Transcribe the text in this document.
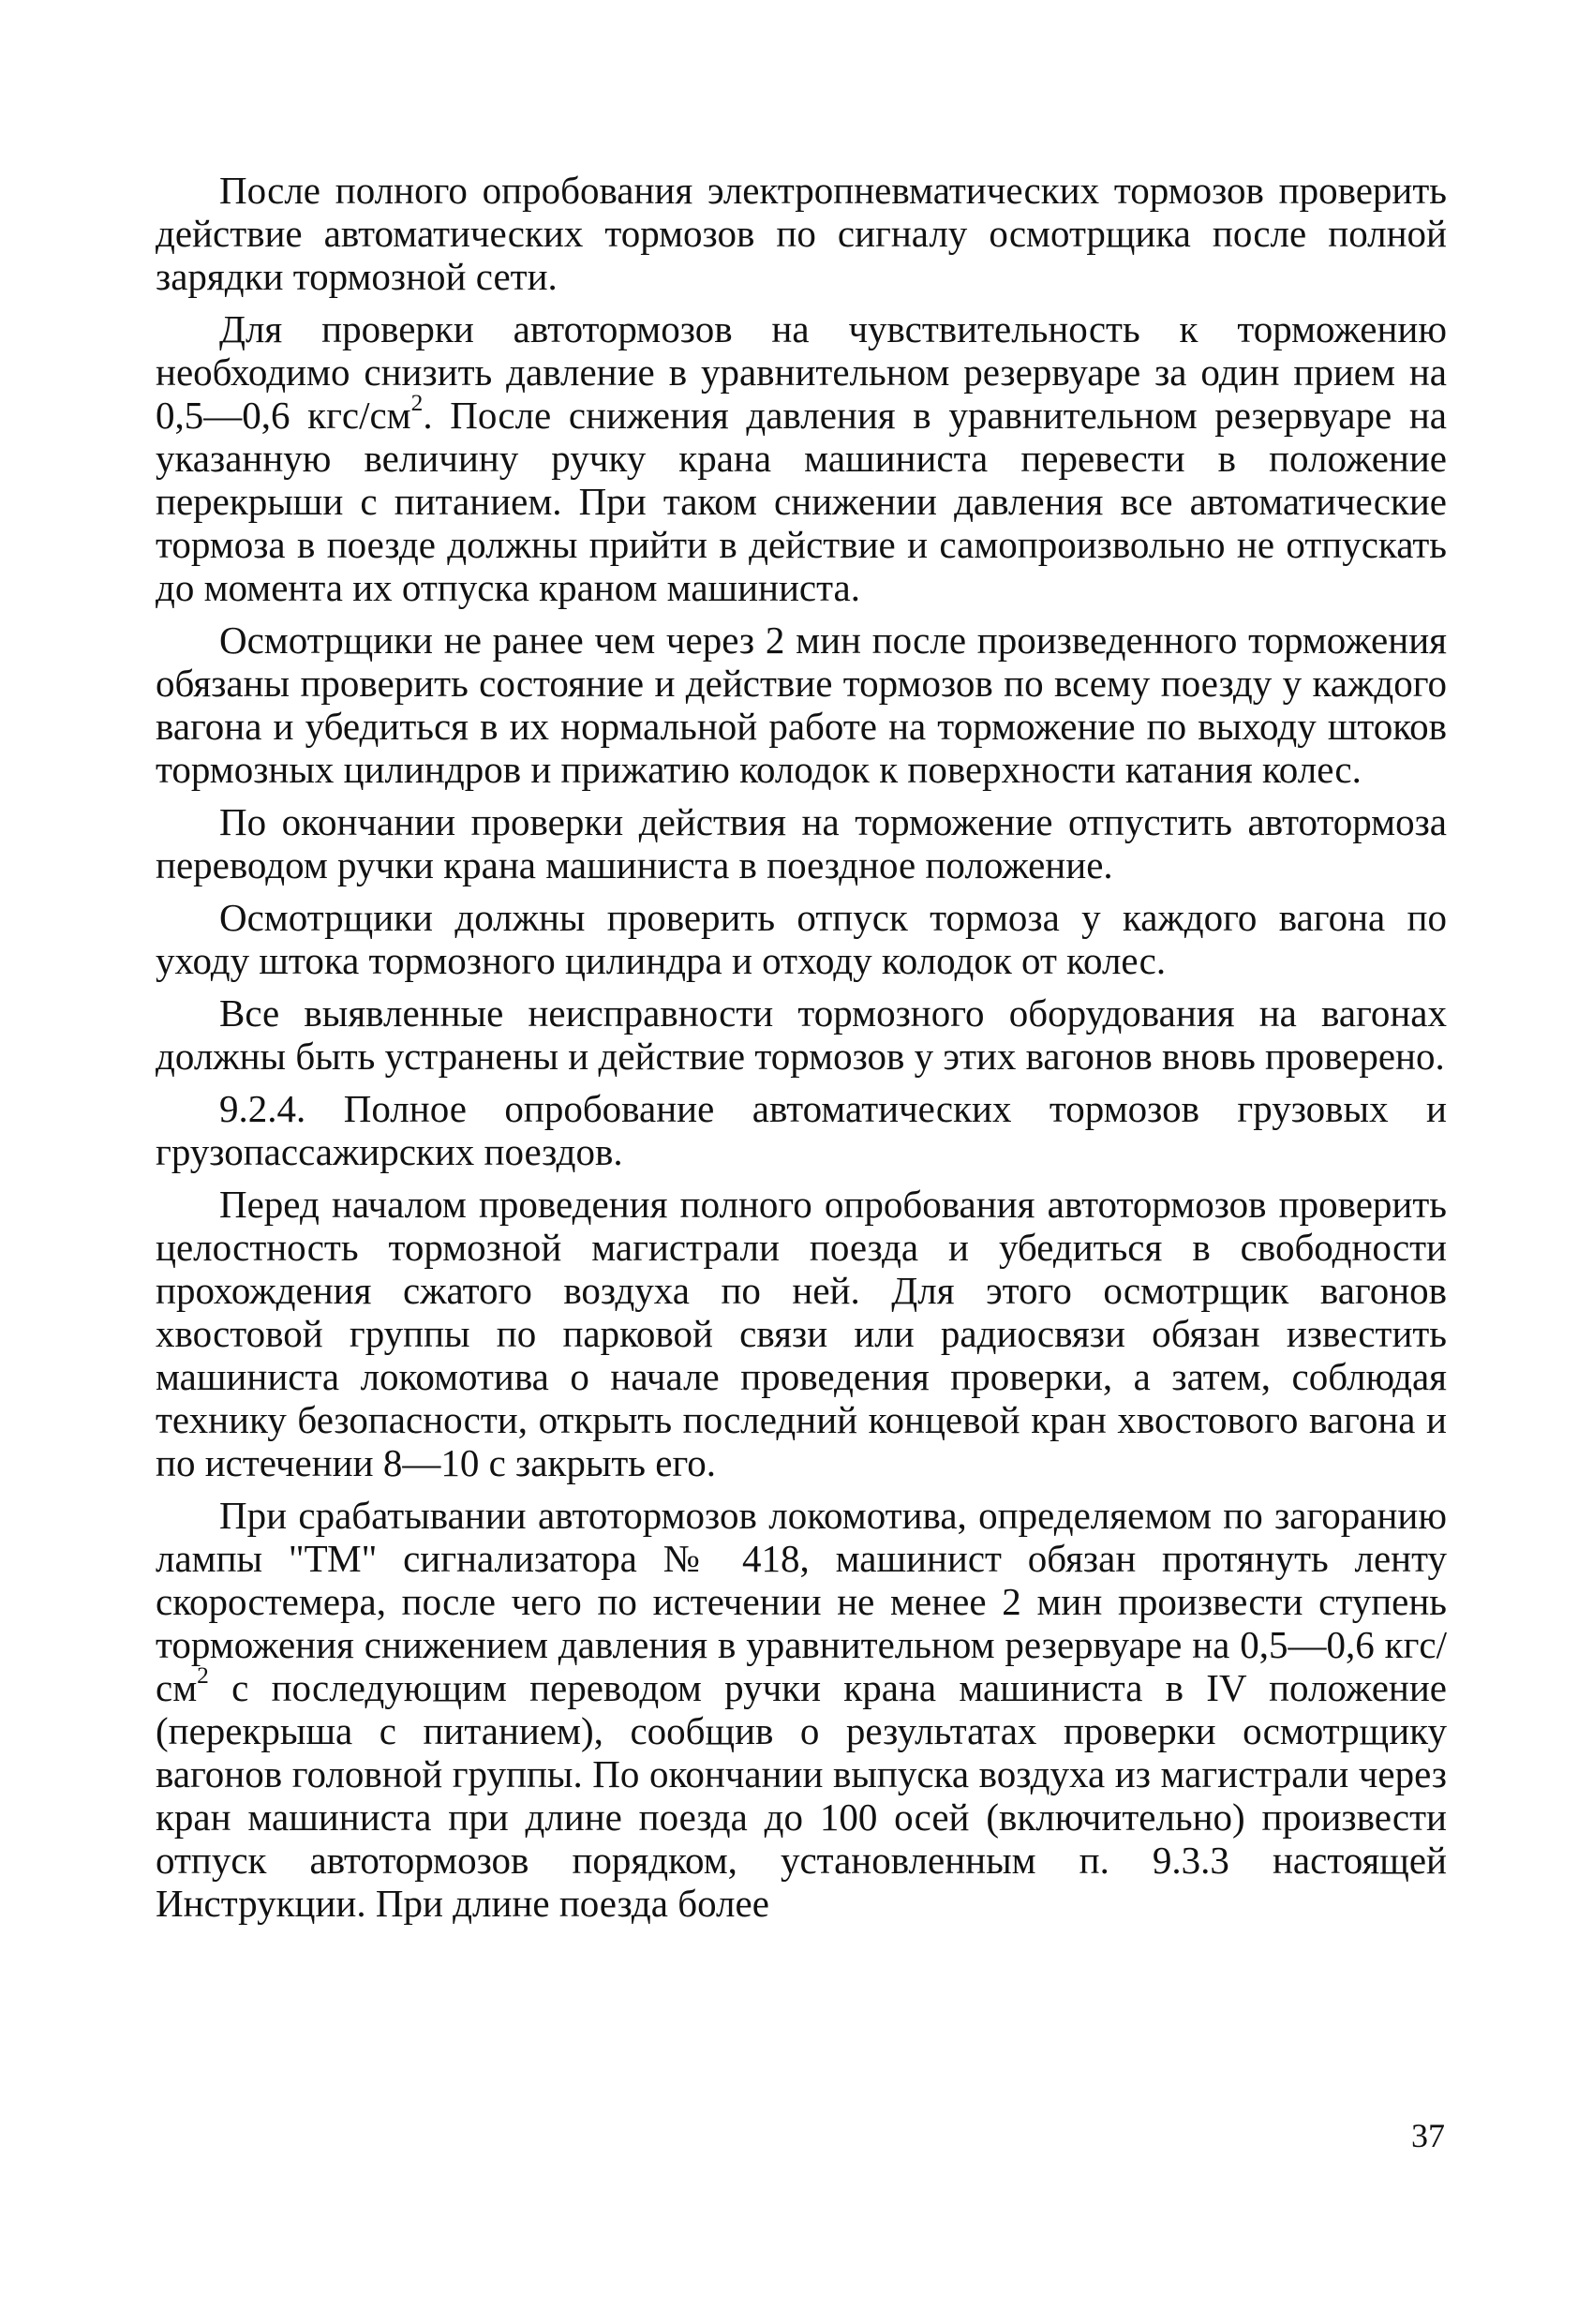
После полного опробования электропневматических тормозов проверить действие автоматических тормозов по сигналу осмотрщика после полной зарядки тормозной сети.

Для проверки автотормозов на чувствительность к торможению необходимо снизить давление в уравнительном резервуаре за один прием на 0,5—0,6 кгс/$см^2$. После снижения давления в уравнительном резервуаре на указанную величину ручку крана машиниста перевести в положение перекрыши с питанием. При таком снижении давления все автоматические тормоза в поезде должны прийти в действие и самопроизвольно не отпускать до момента их отпуска краном машиниста.

Осмотрщики не ранее чем через 2 мин после произведенного торможения обязаны проверить состояние и действие тормозов по всему поезду у каждого вагона и убедиться в их нормальной работе на торможение по выходу штоков тормозных цилиндров и прижатию колодок к поверхности катания колес.

По окончании проверки действия на торможение отпустить автотормоза переводом ручки крана машиниста в поездное положение.

Осмотрщики должны проверить отпуск тормоза у каждого вагона по уходу штока тормозного цилиндра и отходу колодок от колес.

Все выявленные неисправности тормозного оборудования на вагонах должны быть устранены и действие тормозов у этих вагонов вновь проверено.

9.2.4. Полное опробование автоматических тормозов грузовых и грузопассажирских поездов.

Перед началом проведения полного опробования автотормозов проверить целостность тормозной магистрали поезда и убедиться в свободности прохождения сжатого воздуха по ней. Для этого осмотрщик вагонов хвостовой группы по парковой связи или радиосвязи обязан известить машиниста локомотива о начале проведения проверки, а затем, соблюдая технику безопасности, открыть последний концевой кран хвостового вагона и по истечении 8—10 с закрыть его.

При срабатывании автотормозов локомотива, определяемом по загоранию лампы "ТМ" сигнализатора № 418, машинист обязан протянуть ленту скоростемера, после чего по истечении не менее 2 мин произвести ступень торможения снижением давления в уравнительном резервуаре на 0,5—0,6 кгс/$см^2$ с последующим переводом ручки крана машиниста в IV положение (перекрыша с питанием), сообщив о результатах проверки осмотрщику вагонов головной группы. По окончании выпуска воздуха из магистрали через кран машиниста при длине поезда до 100 осей (включительно) произвести отпуск автотормозов порядком, установленным п. 9.3.3 настоящей Инструкции. При длине поезда более

37
